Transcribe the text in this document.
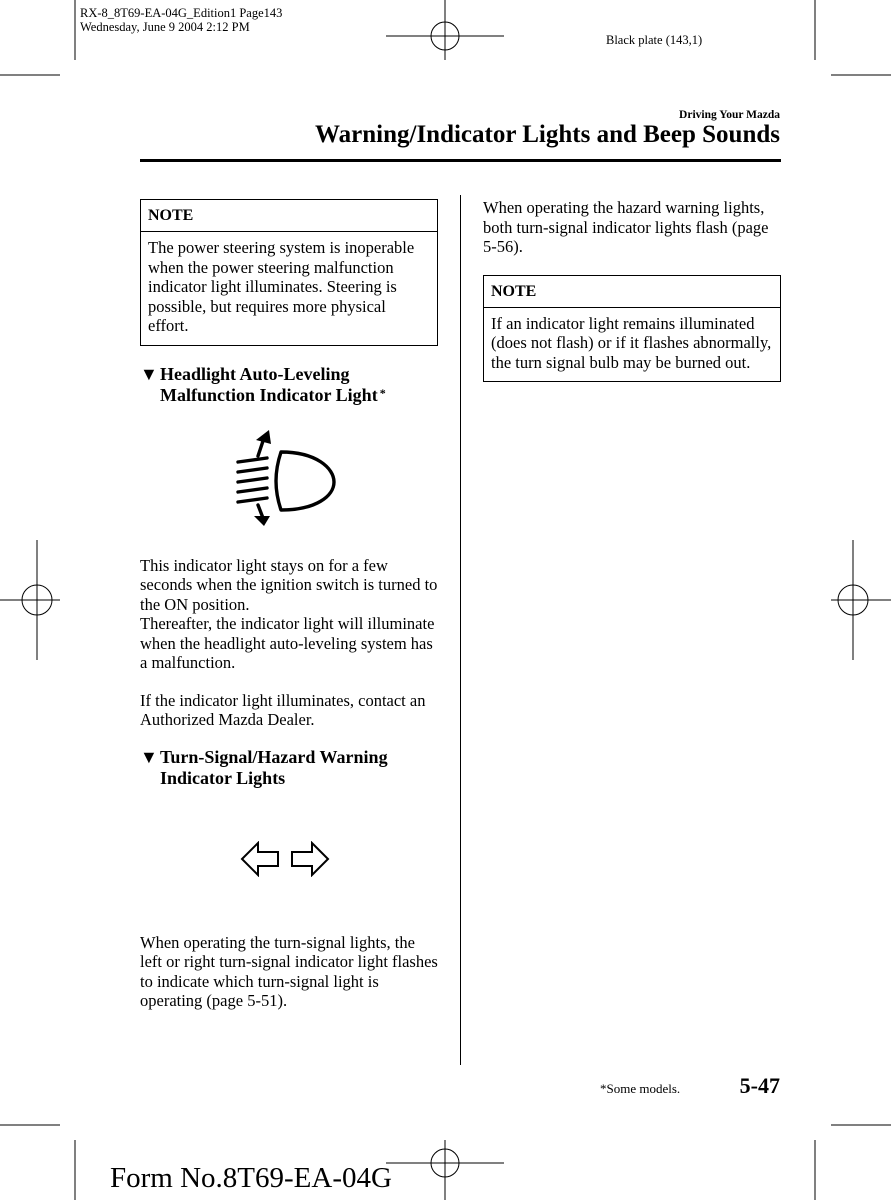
RX-8_8T69-EA-04G_Edition1 Page143
Wednesday, June 9 2004 2:12 PM
Black plate (143,1)
Driving Your Mazda
Warning/Indicator Lights and Beep Sounds
NOTE
The power steering system is inoperable when the power steering malfunction indicator light illuminates. Steering is possible, but requires more physical effort.
▼ Headlight Auto-Leveling
Malfunction Indicator Light *
This indicator light stays on for a few seconds when the ignition switch is turned to the ON position.
Thereafter, the indicator light will illuminate when the headlight auto-leveling system has a malfunction.
If the indicator light illuminates, contact an Authorized Mazda Dealer.
▼ Turn-Signal/Hazard Warning
Indicator Lights
When operating the turn-signal lights, the left or right turn-signal indicator light flashes to indicate which turn-signal light is operating (page 5-51).
When operating the hazard warning lights, both turn-signal indicator lights flash (page 5-56).
NOTE
If an indicator light remains illuminated (does not flash) or if it flashes abnormally, the turn signal bulb may be burned out.
*Some models.	5-47
Form No.8T69-EA-04G
